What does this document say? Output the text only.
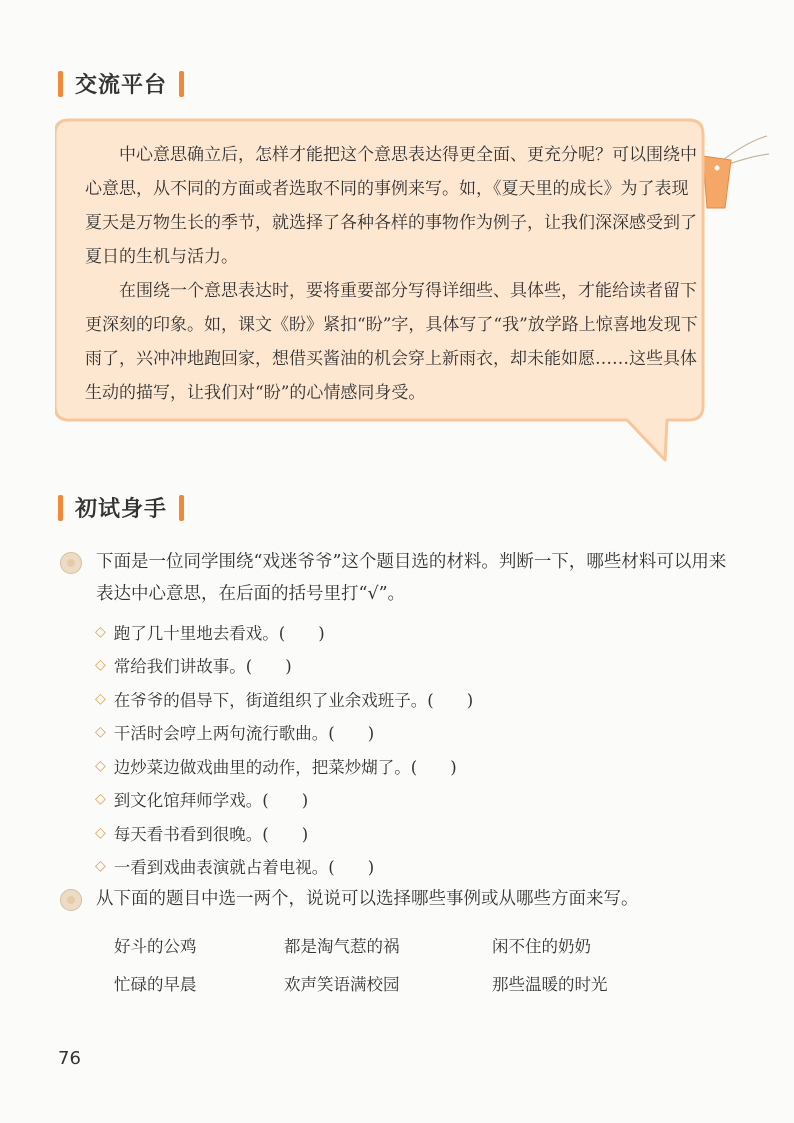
交流平台

中心意思确立后，怎样才能把这个意思表达得更全面、更充分呢？可以围绕中心意思，从不同的方面或者选取不同的事例来写。如，《夏天里的成长》为了表现夏天是万物生长的季节，就选择了各种各样的事物作为例子，让我们深深感受到了夏日的生机与活力。

在围绕一个意思表达时，要将重要部分写得详细些、具体些，才能给读者留下更深刻的印象。如，课文《盼》紧扣“盼”字，具体写了“我”放学路上惊喜地发现下雨了，兴冲冲地跑回家，想借买酱油的机会穿上新雨衣，却未能如愿……这些具体生动的描写，让我们对“盼”的心情感同身受。

初试身手
下面是一位同学围绕“戏迷爷爷”这个题目选的材料。判断一下，哪些材料可以用来表达中心意思，在后面的括号里打“√”。
◇ 跑了几十里地去看戏。(　　)
◇ 常给我们讲故事。(　　)
◇ 在爷爷的倡导下，街道组织了业余戏班子。(　　)
◇ 干活时会哼上两句流行歌曲。(　　)
◇ 边炒菜边做戏曲里的动作，把菜炒煳了。(　　)
◇ 到文化馆拜师学戏。(　　)
◇ 每天看书看到很晚。(　　)
◇ 一看到戏曲表演就占着电视。(　　)
从下面的题目中选一两个，说说可以选择哪些事例或从哪些方面来写。
好斗的公鸡	都是淘气惹的祸	闲不住的奶奶
忙碌的早晨	欢声笑语满校园	那些温暖的时光
76
